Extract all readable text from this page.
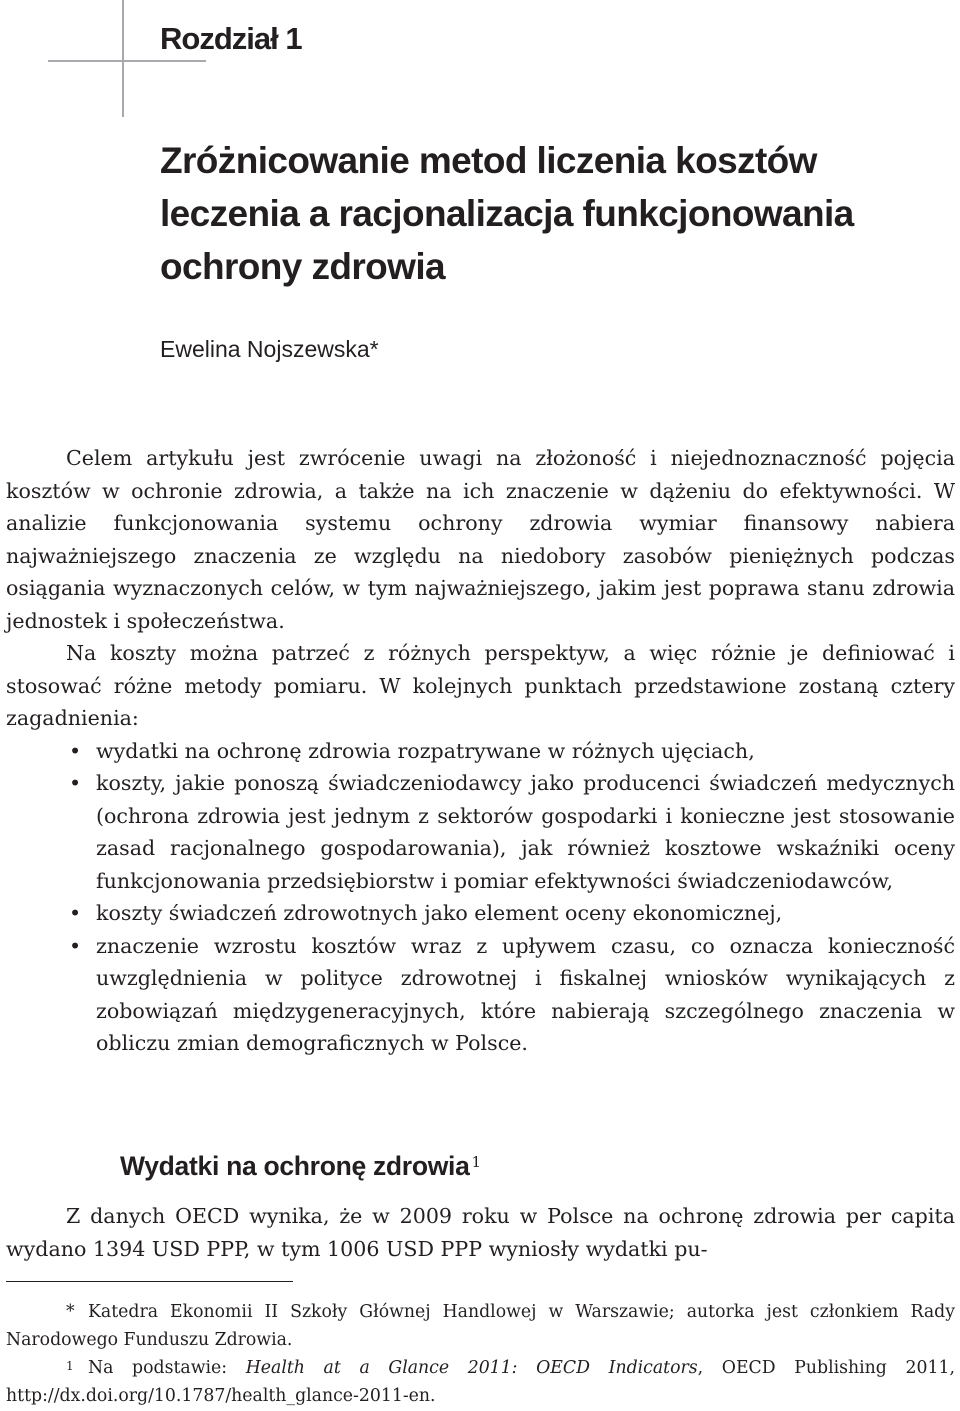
Rozdział 1
Zróżnicowanie metod liczenia kosztów
leczenia a racjonalizacja funkcjonowania
ochrony zdrowia
Ewelina Nojszewska*

Celem artykułu jest zwrócenie uwagi na złożoność i niejednoznaczność pojęcia kosztów w ochronie zdrowia, a także na ich znaczenie w dążeniu do efektywności. W analizie funkcjonowania systemu ochrony zdrowia wymiar finansowy nabiera najważniejszego znaczenia ze względu na niedobory zasobów pieniężnych podczas osiągania wyznaczonych celów, w tym najważniejszego, jakim jest poprawa stanu zdrowia jednostek i społeczeństwa.

Na koszty można patrzeć z różnych perspektyw, a więc różnie je definiować i stosować różne metody pomiaru. W kolejnych punktach przedstawione zostaną cztery zagadnienia:

• wydatki na ochronę zdrowia rozpatrywane w różnych ujęciach,
• koszty, jakie ponoszą świadczeniodawcy jako producenci świadczeń medycznych (ochrona zdrowia jest jednym z sektorów gospodarki i konieczne jest stosowanie zasad racjonalnego gospodarowania), jak również kosztowe wskaźniki oceny funkcjonowania przedsiębiorstw i pomiar efektywności świadczeniodawców,
• koszty świadczeń zdrowotnych jako element oceny ekonomicznej,
• znaczenie wzrostu kosztów wraz z upływem czasu, co oznacza konieczność uwzględnienia w polityce zdrowotnej i fiskalnej wniosków wynikających z zobowiązań międzygeneracyjnych, które nabierają szczególnego znaczenia w obliczu zmian demograficznych w Polsce.
Wydatki na ochronę zdrowia $^1$

Z danych OECD wynika, że w 2009 roku w Polsce na ochronę zdrowia per capita wydano 1394 USD PPP, w tym 1006 USD PPP wyniosły wydatki pu-

* Katedra Ekonomii II Szkoły Głównej Handlowej w Warszawie; autorka jest członkiem Rady Narodowego Funduszu Zdrowia.

$^1$ Na podstawie: Health at a Glance 2011: OECD Indicators, OECD Publishing 2011, http://dx.doi.org/10.1787/health_glance-2011-en.
